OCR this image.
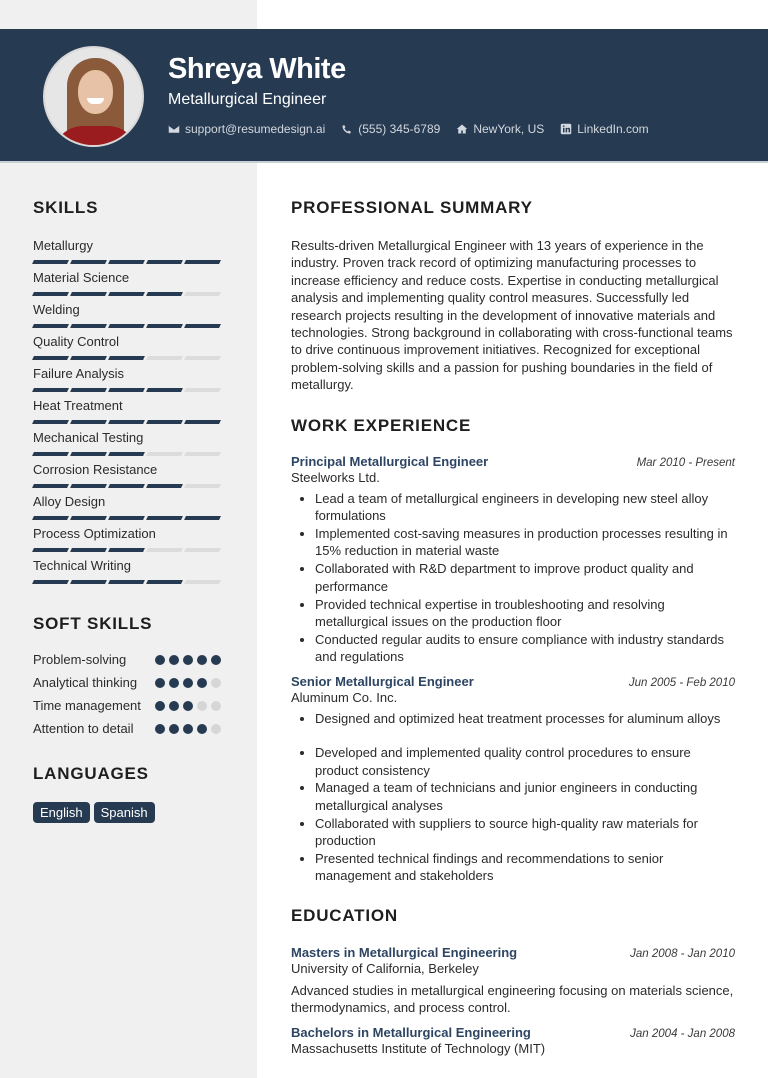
Shreya White
Metallurgical Engineer
support@resumedesign.ai	(555) 345-6789	NewYork, US	LinkedIn.com
SKILLS
Metallurgy
Material Science
Welding
Quality Control
Failure Analysis
Heat Treatment
Mechanical Testing
Corrosion Resistance
Alloy Design
Process Optimization
Technical Writing
SOFT SKILLS
Problem-solving
Analytical thinking
Time management
Attention to detail
LANGUAGES
English	Spanish
PROFESSIONAL SUMMARY
Results-driven Metallurgical Engineer with 13 years of experience in the industry. Proven track record of optimizing manufacturing processes to increase efficiency and reduce costs. Expertise in conducting metallurgical analysis and implementing quality control measures. Successfully led research projects resulting in the development of innovative materials and technologies. Strong background in collaborating with cross-functional teams to drive continuous improvement initiatives. Recognized for exceptional problem-solving skills and a passion for pushing boundaries in the field of metallurgy.
WORK EXPERIENCE
Principal Metallurgical Engineer	Mar 2010 - Present
Steelworks Ltd.
• Lead a team of metallurgical engineers in developing new steel alloy formulations
• Implemented cost-saving measures in production processes resulting in 15% reduction in material waste
• Collaborated with R&D department to improve product quality and performance
• Provided technical expertise in troubleshooting and resolving metallurgical issues on the production floor
• Conducted regular audits to ensure compliance with industry standards and regulations
Senior Metallurgical Engineer	Jun 2005 - Feb 2010
Aluminum Co. Inc.
• Designed and optimized heat treatment processes for aluminum alloys
• Developed and implemented quality control procedures to ensure product consistency
• Managed a team of technicians and junior engineers in conducting metallurgical analyses
• Collaborated with suppliers to source high-quality raw materials for production
• Presented technical findings and recommendations to senior management and stakeholders
EDUCATION
Masters in Metallurgical Engineering	Jan 2008 - Jan 2010
University of California, Berkeley
Advanced studies in metallurgical engineering focusing on materials science, thermodynamics, and process control.
Bachelors in Metallurgical Engineering	Jan 2004 - Jan 2008
Massachusetts Institute of Technology (MIT)
